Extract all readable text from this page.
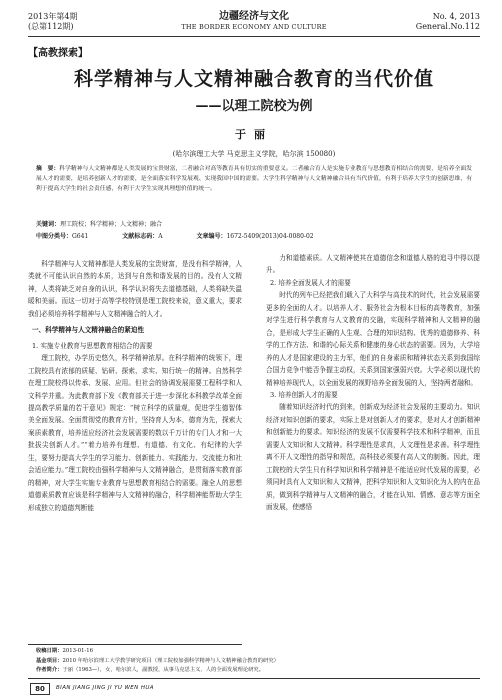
2013年第4期
(总第112期)
边疆经济与文化
THE BORDER ECONOMY AND CULTURE
No. 4, 2013
General.No.112
【高教探索】
科学精神与人文精神融合教育的当代价值
——以理工院校为例
于丽
(哈尔滨理工大学 马克思主义学院，哈尔滨 150080)
摘　要：科学精神与人文精神都是人类发展的宝贵财富，二者融合对高等教育具有切实的重要意义。二者融合育人是实施专业教育与思想教育相结合的需要，是培养全面发展人才的需要，是培养创新人才的需要，是全面落实科学发展观、实现我国中国的需要。大学生科学精神与人文精神融合具有当代价值，有利于培养大学生的创新思维，有利于提高大学生的社会责任感，有利于大学生实现其理想价值的统一。
关键词：理工院校；科学精神；人文精神；融合
中图分类号：G641	文献标志码：A	文章编号：1672-5409(2013)04-0080-02

科学精神与人文精神都是人类发展的宝贵财富，是没有科学精神，人类就不可能认识自然的本质，达到与自然和谐发展的目的。没有人文精神，人类将缺乏对自身的认识，科学认识将失去道德基础，人类将缺失温暖和美丽。而这一切对于高等学校特别是理工院校来说，意义重大，要求我们必须培养科学精神与人文精神融合的人才。

一、科学精神与人文精神融合的紧迫性

1. 实施专业教育与思想教育相结合的需要

理工院校，办学历史悠久，科学精神浓厚。在科学精神的统领下，理工院校具有浓郁的质疑、钻研、探索、求实、知行统一的精神。自然科学在理工院校得以传承、发展、应用。但社会的协调发展需要工程科学和人文科学并重。为此教育部下发《教育部关于进一步深化本科教学改革全面提高教学质量的若干意见》规定：“树立科学的质量观，促进学生德智体美全面发展。全面贯彻党的教育方针，坚持育人为本，德育为先，探索大案质素教育，培养适应经济社会发展需要的数以千万计的专门人才和一大批拔尖创新人才。”“着力培养有理想、有道德、有文化、有纪律的大学生，要努力提高大学生的学习能力、创新能力、实践能力、交流能力和社会适应能力。”理工院校由强科学精神与人文精神融合，是贯彻落实教育部的精神，对大学生实施专业教育与思想教育相结合的需要。融全人的思想道德素质教育应该是科学精神与人文精神的融合，科学精神能帮助大学生形成独立的道德判断能

力和道德素质。人文精神使其在道德信念和道德人格的追寻中得以提升。

2. 培养全面发展人才的需要

时代的列车已经把我们载入了大科学与高技术的时代，社会发展需要更多的全面的人才。以培养人才、服务社会为根本目标的高等教育，加强对学生进行科学教育与人文教育的交融，实现科学精神和人文精神的融合，是形成大学生正确的人生观、合理的知识结构、优秀的道德修养、科学的工作方法、和谐的心际关系和健康的身心状态的需要。因为，大学培养的人才是国家建设的主力军，他们的自身素质和精神状态关系到我国综合国力竞争中能否争握主动权，关系到国家强弱兴衰。大学必须以现代的精神培养现代人，以全面发展的视野培养全面发展的人，坚持两者融和。

3. 培养创新人才的需要

随着知识经济时代的到来，创新成为经济社会发展的主要动力。知识经济对知识创新的要求，实际上是对创新人才的要求，是对人才创新精神和创新能力的要求。知识经济的发展不仅需要科学技术和科学精神，而且需要人文知识和人文精神。科学理性是求真，人文理性是求善。科学理性离不开人文理性的指导和规范，高科技必须要有高人文的制衡。因此，理工院校的大学生只有科学知识和科学精神是不能适应时代发展的需要，必须同时具有人文知识和人文精神，把科学知识和人文知识化为人的内在品质，做到科学精神与人文精神的融合，才能在认知、情感、意志等方面全面发展，使感悟

收稿日期：2013-01-16
基金项目：2010 年哈尔滨理工大学教学研究项目（理工院校加强科学精神与人文精神融合教育的研究）
作者简介：于丽（1963—），女，哈尔滨人，副教授，从事马克思主义、人的全面发展理论研究。
80	BIAN JIANG JING JI YU WEN HUA
